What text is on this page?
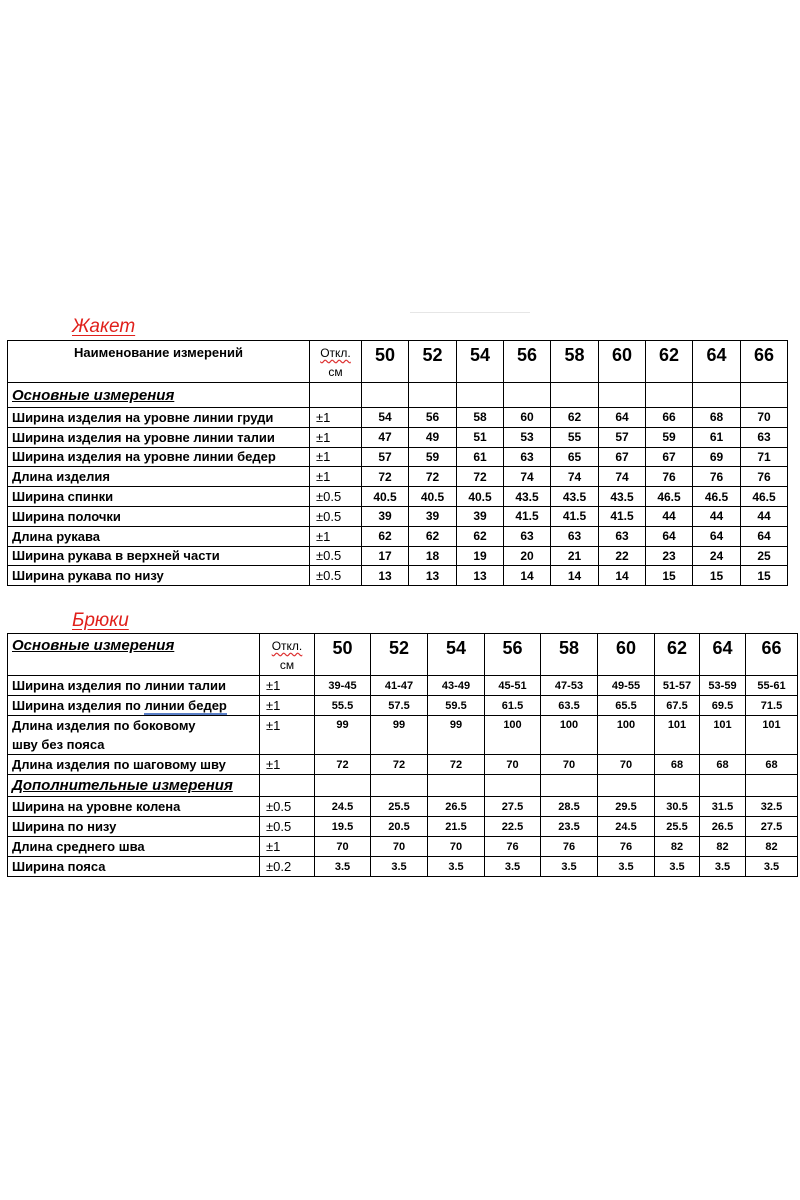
Жакет
Наименование измерений	Откл.
см	50	52	54	56	58	60	62	64	66
Основные измерения										
Ширина изделия на уровне линии груди	±1	54	56	58	60	62	64	66	68	70
Ширина изделия на уровне линии талии	±1	47	49	51	53	55	57	59	61	63
Ширина изделия на уровне линии бедер	±1	57	59	61	63	65	67	67	69	71
Длина изделия	±1	72	72	72	74	74	74	76	76	76
Ширина спинки	±0.5	40.5	40.5	40.5	43.5	43.5	43.5	46.5	46.5	46.5
Ширина полочки	±0.5	39	39	39	41.5	41.5	41.5	44	44	44
Длина рукава	±1	62	62	62	63	63	63	64	64	64
Ширина рукава в верхней части	±0.5	17	18	19	20	21	22	23	24	25
Ширина рукава по низу	±0.5	13	13	13	14	14	14	15	15	15
Брюки
Основные измерения	Откл.
см	50	52	54	56	58	60	62	64	66
Ширина изделия по линии талии	±1	39-45	41-47	43-49	45-51	47-53	49-55	51-57	53-59	55-61
Ширина изделия по линии бедер	±1	55.5	57.5	59.5	61.5	63.5	65.5	67.5	69.5	71.5
Длина изделия по боковому шву без пояса	±1	99	99	99	100	100	100	101	101	101
Длина изделия по шаговому шву	±1	72	72	72	70	70	70	68	68	68
Дополнительные измерения										
Ширина на уровне колена	±0.5	24.5	25.5	26.5	27.5	28.5	29.5	30.5	31.5	32.5
Ширина по низу	±0.5	19.5	20.5	21.5	22.5	23.5	24.5	25.5	26.5	27.5
Длина среднего шва	±1	70	70	70	76	76	76	82	82	82
Ширина пояса	±0.2	3.5	3.5	3.5	3.5	3.5	3.5	3.5	3.5	3.5
